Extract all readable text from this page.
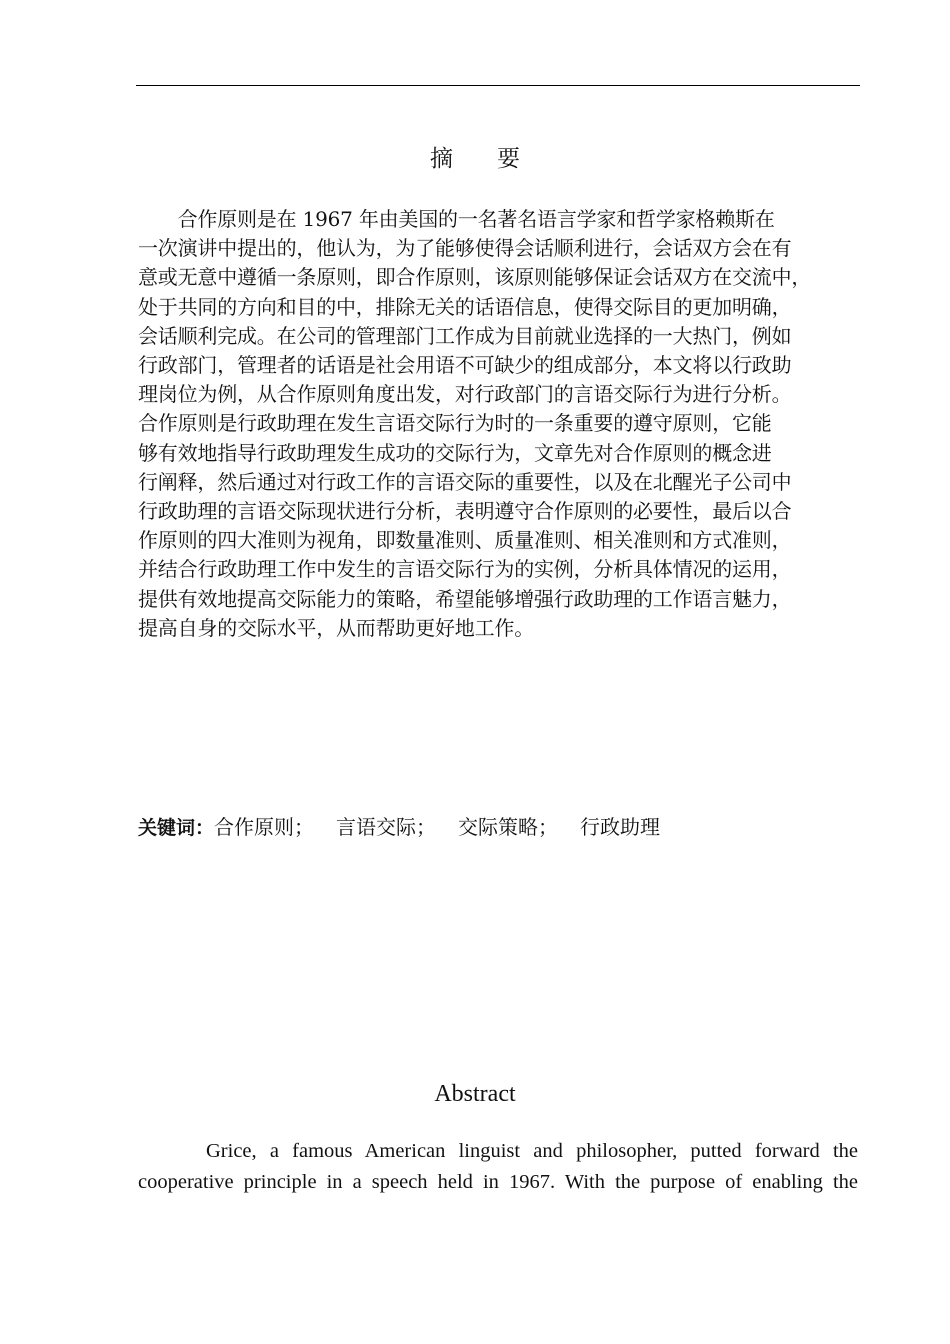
摘要

　　合作原则是在 1967 年由美国的一名著名语言学家和哲学家格赖斯在
一次演讲中提出的，他认为，为了能够使得会话顺利进行，会话双方会在有
意或无意中遵循一条原则，即合作原则，该原则能够保证会话双方在交流中，
处于共同的方向和目的中，排除无关的话语信息，使得交际目的更加明确，
会话顺利完成。在公司的管理部门工作成为目前就业选择的一大热门，例如
行政部门，管理者的话语是社会用语不可缺少的组成部分，本文将以行政助
理岗位为例，从合作原则角度出发，对行政部门的言语交际行为进行分析。
合作原则是行政助理在发生言语交际行为时的一条重要的遵守原则，它能
够有效地指导行政助理发生成功的交际行为，文章先对合作原则的概念进
行阐释，然后通过对行政工作的言语交际的重要性，以及在北醒光子公司中
行政助理的言语交际现状进行分析，表明遵守合作原则的必要性，最后以合
作原则的四大准则为视角，即数量准则、质量准则、相关准则和方式准则，
并结合行政助理工作中发生的言语交际行为的实例，分析具体情况的运用，
提供有效地提高交际能力的策略，希望能够增强行政助理的工作语言魅力，
提高自身的交际水平，从而帮助更好地工作。

关键词：合作原则； 言语交际； 交际策略； 行政助理
Abstract

Grice, a famous American linguist and philosopher, putted forward the
cooperative principle in a speech held in 1967. With the purpose of enabling the
